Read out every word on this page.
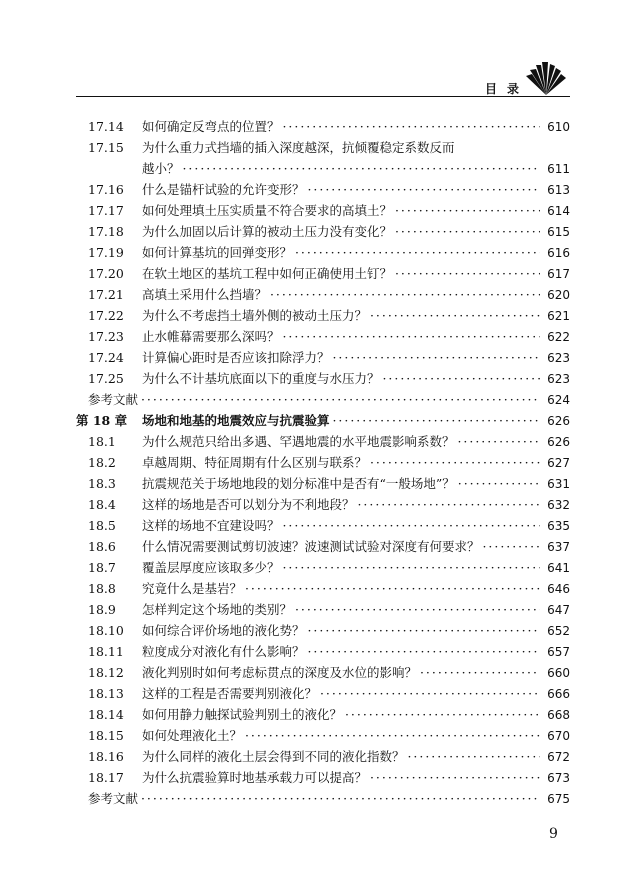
目录
17.14 如何确定反弯点的位置？ · · ·	610
17.15 为什么重力式挡墙的插入深度越深，抗倾覆稳定系数反而
越小？ · · ·	611
17.16 什么是锚杆试验的允许变形？ · · ·	613
17.17 如何处理填土压实质量不符合要求的高填土？ · · ·	614
17.18 为什么加固以后计算的被动土压力没有变化？ · · ·	615
17.19 如何计算基坑的回弹变形？ · · ·	616
17.20 在软土地区的基坑工程中如何正确使用土钉？ · · ·	617
17.21 高填土采用什么挡墙？ · · ·	620
17.22 为什么不考虑挡土墙外侧的被动土压力？ · · ·	621
17.23 止水帷幕需要那么深吗？ · · ·	622
17.24 计算偏心距时是否应该扣除浮力？ · · ·	623
17.25 为什么不计基坑底面以下的重度与水压力？ · · ·	623
参考文献 · · ·	624
第 18 章 场地和地基的地震效应与抗震验算 · · ·	626
18.1 为什么规范只给出多遇、罕遇地震的水平地震影响系数？ · · ·	626
18.2 卓越周期、特征周期有什么区别与联系？ · · ·	627
18.3 抗震规范关于场地地段的划分标准中是否有“一般场地”？ · · ·	631
18.4 这样的场地是否可以划分为不利地段？ · · ·	632
18.5 这样的场地不宜建设吗？ · · ·	635
18.6 什么情况需要测试剪切波速？波速测试试验对深度有何要求？ · · ·	637
18.7 覆盖层厚度应该取多少？ · · ·	641
18.8 究竟什么是基岩？ · · ·	646
18.9 怎样判定这个场地的类别？ · · ·	647
18.10 如何综合评价场地的液化势？ · · ·	652
18.11 粒度成分对液化有什么影响？ · · ·	657
18.12 液化判别时如何考虑标贯点的深度及水位的影响？ · · ·	660
18.13 这样的工程是否需要判别液化？ · · ·	666
18.14 如何用静力触探试验判别土的液化？ · · ·	668
18.15 如何处理液化土？ · · ·	670
18.16 为什么同样的液化土层会得到不同的液化指数？ · · ·	672
18.17 为什么抗震验算时地基承载力可以提高？ · · ·	673
参考文献 · · ·	675
9
